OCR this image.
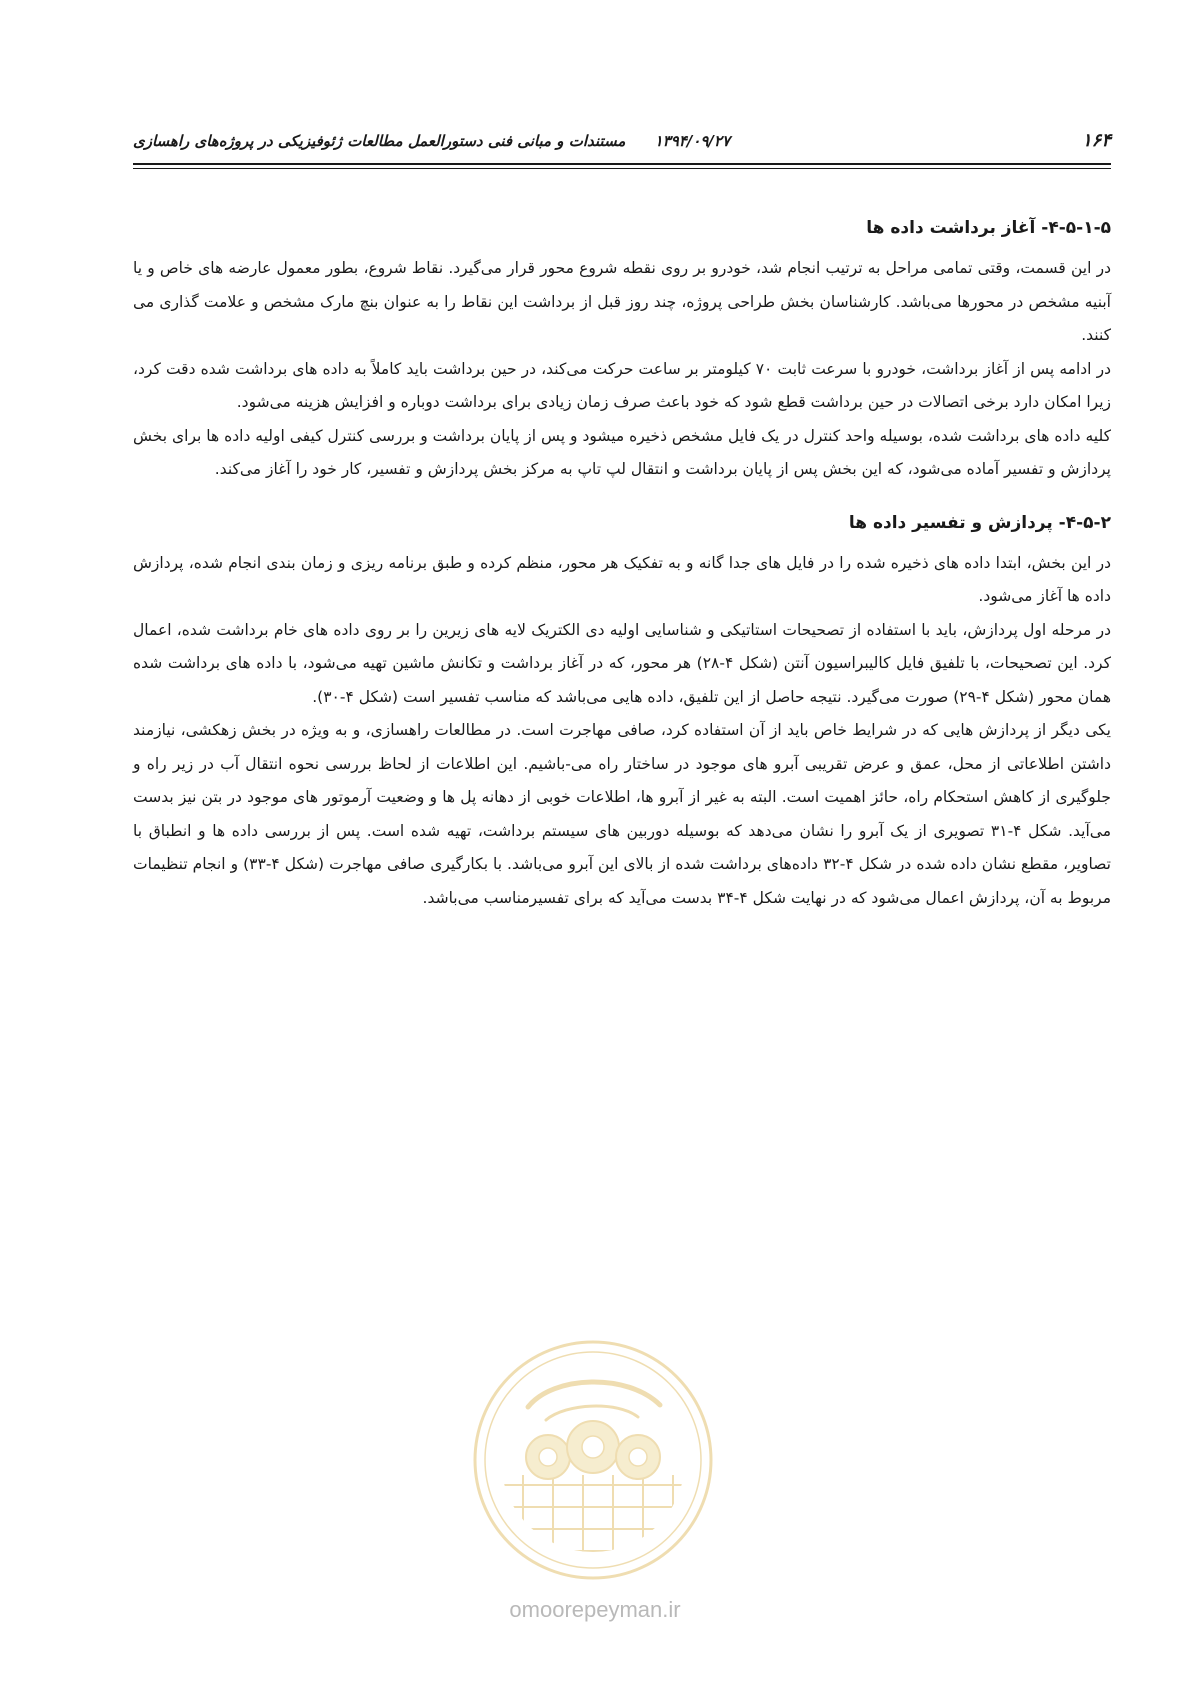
۱۶۴
۱۳۹۴/۰۹/۲۷ مستندات و مبانی فنی دستورالعمل مطالعات ژئوفیزیکی در پروژه‌های راهسازی
۴-۵-۱-۵- آغاز برداشت داده ها

در این قسمت، وقتی تمامی مراحل به ترتیب انجام شد، خودرو بر روی نقطه شروع محور قرار می‌گیرد. نقاط شروع، بطور معمول عارضه های خاص و یا آبنیه مشخص در محورها می‌باشد. کارشناسان بخش طراحی پروژه، چند روز قبل از برداشت این نقاط را به عنوان بنچ مارک مشخص و علامت گذاری می کنند.

در ادامه پس از آغاز برداشت، خودرو با سرعت ثابت ۷۰ کیلومتر بر ساعت حرکت می‌کند، در حین برداشت باید کاملاً به داده های برداشت شده دقت کرد، زیرا امکان دارد برخی اتصالات در حین برداشت قطع شود که خود باعث صرف زمان زیادی برای برداشت دوباره و افزایش هزینه می‌شود.

کلیه داده های برداشت شده، بوسیله واحد کنترل در یک فایل مشخص ذخیره میشود و پس از پایان برداشت و بررسی کنترل کیفی اولیه داده ها برای بخش پردازش و تفسیر آماده می‌شود، که این بخش پس از پایان برداشت و انتقال لپ تاپ به مرکز بخش پردازش و تفسیر، کار خود را آغاز می‌کند.

۴-۵-۲- پردازش و تفسیر داده ها

در این بخش، ابتدا داده های ذخیره شده را در فایل های جدا گانه و به تفکیک هر محور، منظم کرده و طبق برنامه ریزی و زمان بندی انجام شده، پردازش داده ها آغاز می‌شود.

در مرحله اول پردازش، باید با استفاده از تصحیحات استاتیکی و شناسایی اولیه دی الکتریک لایه های زیرین را بر روی داده های خام برداشت شده، اعمال کرد. این تصحیحات، با تلفیق فایل کالیبراسیون آنتن (شکل ۴-۲۸) هر محور، که در آغاز برداشت و تکانش ماشین تهیه می‌شود، با داده های برداشت شده همان محور (شکل ۴-۲۹) صورت می‌گیرد. نتیجه حاصل از این تلفیق، داده هایی می‌باشد که مناسب تفسیر است (شکل ۴-۳۰).

یکی دیگر از پردازش هایی که در شرایط خاص باید از آن استفاده کرد، صافی مهاجرت است. در مطالعات راهسازی، و به ویژه در بخش زهکشی، نیازمند داشتن اطلاعاتی از محل، عمق و عرض تقریبی آبرو های موجود در ساختار راه می-باشیم. این اطلاعات از لحاظ بررسی نحوه انتقال آب در زیر راه و جلوگیری از کاهش استحکام راه، حائز اهمیت است. البته به غیر از آبرو ها، اطلاعات خوبی از دهانه پل ها و وضعیت آرموتور های موجود در بتن نیز بدست می‌آید. شکل ۴-۳۱ تصویری از یک آبرو را نشان می‌دهد که بوسیله دوربین های سیستم برداشت، تهیه شده است. پس از بررسی داده ها و انطباق با تصاویر، مقطع نشان داده شده در شکل ۴-۳۲ داده‌های برداشت شده از بالای این آبرو می‌باشد. با بکارگیری صافی مهاجرت (شکل ۴-۳۳) و انجام تنظیمات مربوط به آن، پردازش اعمال می‌شود که در نهایت شکل ۴-۳۴ بدست می‌آید که برای تفسیرمناسب می‌باشد.

omoorepeyman.ir
